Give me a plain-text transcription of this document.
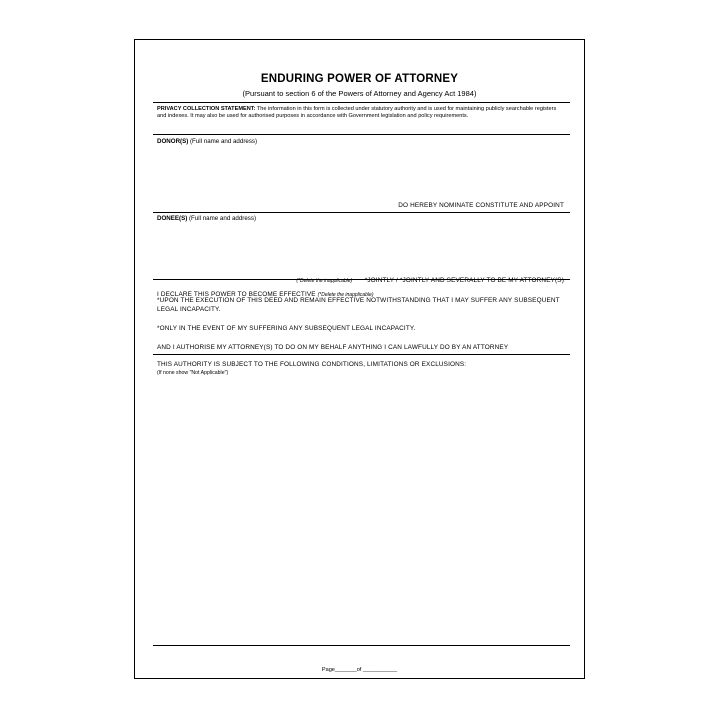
ENDURING POWER OF ATTORNEY
(Pursuant to section 6 of the Powers of Attorney and Agency Act 1984)
PRIVACY COLLECTION STATEMENT: The information in this form is collected under statutory authority and is used for maintaining publicly searchable registers and indexes. It may also be used for authorised purposes in accordance with Government legislation and policy requirements.
DONOR(S) (Full name and address)
DO HEREBY NOMINATE CONSTITUTE AND APPOINT
DONEE(S) (Full name and address)
(*Delete the inapplicable) *JOINTLY / *JOINTLY AND SEVERALLY TO BE MY ATTORNEY(S)
I DECLARE THIS POWER TO BECOME EFFECTIVE (*Delete the inapplicable)
*UPON THE EXECUTION OF THIS DEED AND REMAIN EFFECTIVE NOTWITHSTANDING THAT I MAY SUFFER ANY SUBSEQUENT LEGAL INCAPACITY.
*ONLY IN THE EVENT OF MY SUFFERING ANY SUBSEQUENT LEGAL INCAPACITY.
AND I AUTHORISE MY ATTORNEY(S) TO DO ON MY BEHALF ANYTHING I CAN LAWFULLY DO BY AN ATTORNEY
THIS AUTHORITY IS SUBJECT TO THE FOLLOWING CONDITIONS, LIMITATIONS OR EXCLUSIONS:
(If none show "Not Applicable")
Page_______of ___________
